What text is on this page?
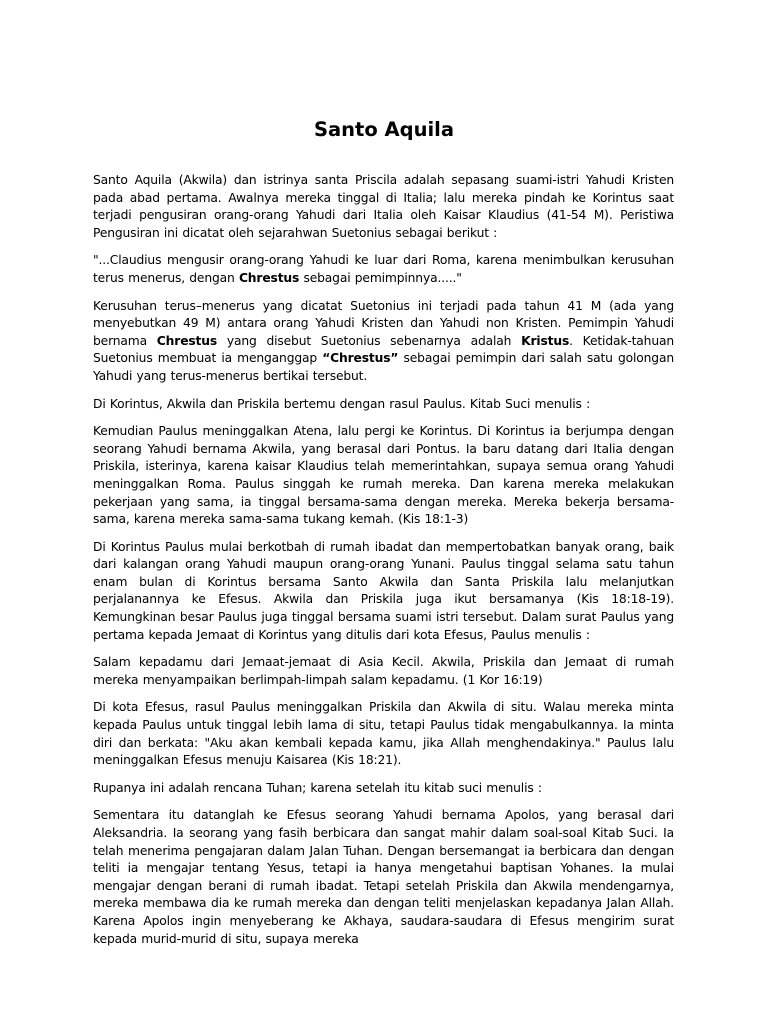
Santo Aquila

Santo Aquila (Akwila) dan istrinya santa Priscila adalah sepasang suami-istri Yahudi Kristen pada abad pertama. Awalnya mereka tinggal di Italia; lalu mereka pindah ke Korintus saat terjadi pengusiran orang-orang Yahudi dari Italia oleh Kaisar Klaudius (41-54 M). Peristiwa Pengusiran ini dicatat oleh sejarahwan Suetonius sebagai berikut :

"...Claudius mengusir orang-orang Yahudi ke luar dari Roma, karena menimbulkan kerusuhan terus menerus, dengan Chrestus sebagai pemimpinnya....."

Kerusuhan terus–menerus yang dicatat Suetonius ini terjadi pada tahun 41 M (ada yang menyebutkan 49 M) antara orang Yahudi Kristen dan Yahudi non Kristen. Pemimpin Yahudi bernama Chrestus yang disebut Suetonius sebenarnya adalah Kristus. Ketidak-tahuan Suetonius membuat ia menganggap “Chrestus” sebagai pemimpin dari salah satu golongan Yahudi yang terus-menerus bertikai tersebut.

Di Korintus, Akwila dan Priskila bertemu dengan rasul Paulus. Kitab Suci menulis :

Kemudian Paulus meninggalkan Atena, lalu pergi ke Korintus. Di Korintus ia berjumpa dengan seorang Yahudi bernama Akwila, yang berasal dari Pontus. Ia baru datang dari Italia dengan Priskila, isterinya, karena kaisar Klaudius telah memerintahkan, supaya semua orang Yahudi meninggalkan Roma. Paulus singgah ke rumah mereka. Dan karena mereka melakukan pekerjaan yang sama, ia tinggal bersama-sama dengan mereka. Mereka bekerja bersama-sama, karena mereka sama-sama tukang kemah. (Kis 18:1-3)

Di Korintus Paulus mulai berkotbah di rumah ibadat dan mempertobatkan banyak orang, baik dari kalangan orang Yahudi maupun orang-orang Yunani. Paulus tinggal selama satu tahun enam bulan di Korintus bersama Santo Akwila dan Santa Priskila lalu melanjutkan perjalanannya ke Efesus. Akwila dan Priskila juga ikut bersamanya (Kis 18:18-19). Kemungkinan besar Paulus juga tinggal bersama suami istri tersebut. Dalam surat Paulus yang pertama kepada Jemaat di Korintus yang ditulis dari kota Efesus, Paulus menulis :

Salam kepadamu dari Jemaat-jemaat di Asia Kecil. Akwila, Priskila dan Jemaat di rumah mereka menyampaikan berlimpah-limpah salam kepadamu. (1 Kor 16:19)

Di kota Efesus, rasul Paulus meninggalkan Priskila dan Akwila di situ. Walau mereka minta kepada Paulus untuk tinggal lebih lama di situ, tetapi Paulus tidak mengabulkannya. Ia minta diri dan berkata: "Aku akan kembali kepada kamu, jika Allah menghendakinya." Paulus lalu meninggalkan Efesus menuju Kaisarea (Kis 18:21).

Rupanya ini adalah rencana Tuhan; karena setelah itu kitab suci menulis :

Sementara itu datanglah ke Efesus seorang Yahudi bernama Apolos, yang berasal dari Aleksandria. Ia seorang yang fasih berbicara dan sangat mahir dalam soal-soal Kitab Suci. Ia telah menerima pengajaran dalam Jalan Tuhan. Dengan bersemangat ia berbicara dan dengan teliti ia mengajar tentang Yesus, tetapi ia hanya mengetahui baptisan Yohanes. Ia mulai mengajar dengan berani di rumah ibadat. Tetapi setelah Priskila dan Akwila mendengarnya, mereka membawa dia ke rumah mereka dan dengan teliti menjelaskan kepadanya Jalan Allah. Karena Apolos ingin menyeberang ke Akhaya, saudara-saudara di Efesus mengirim surat kepada murid-murid di situ, supaya mereka
